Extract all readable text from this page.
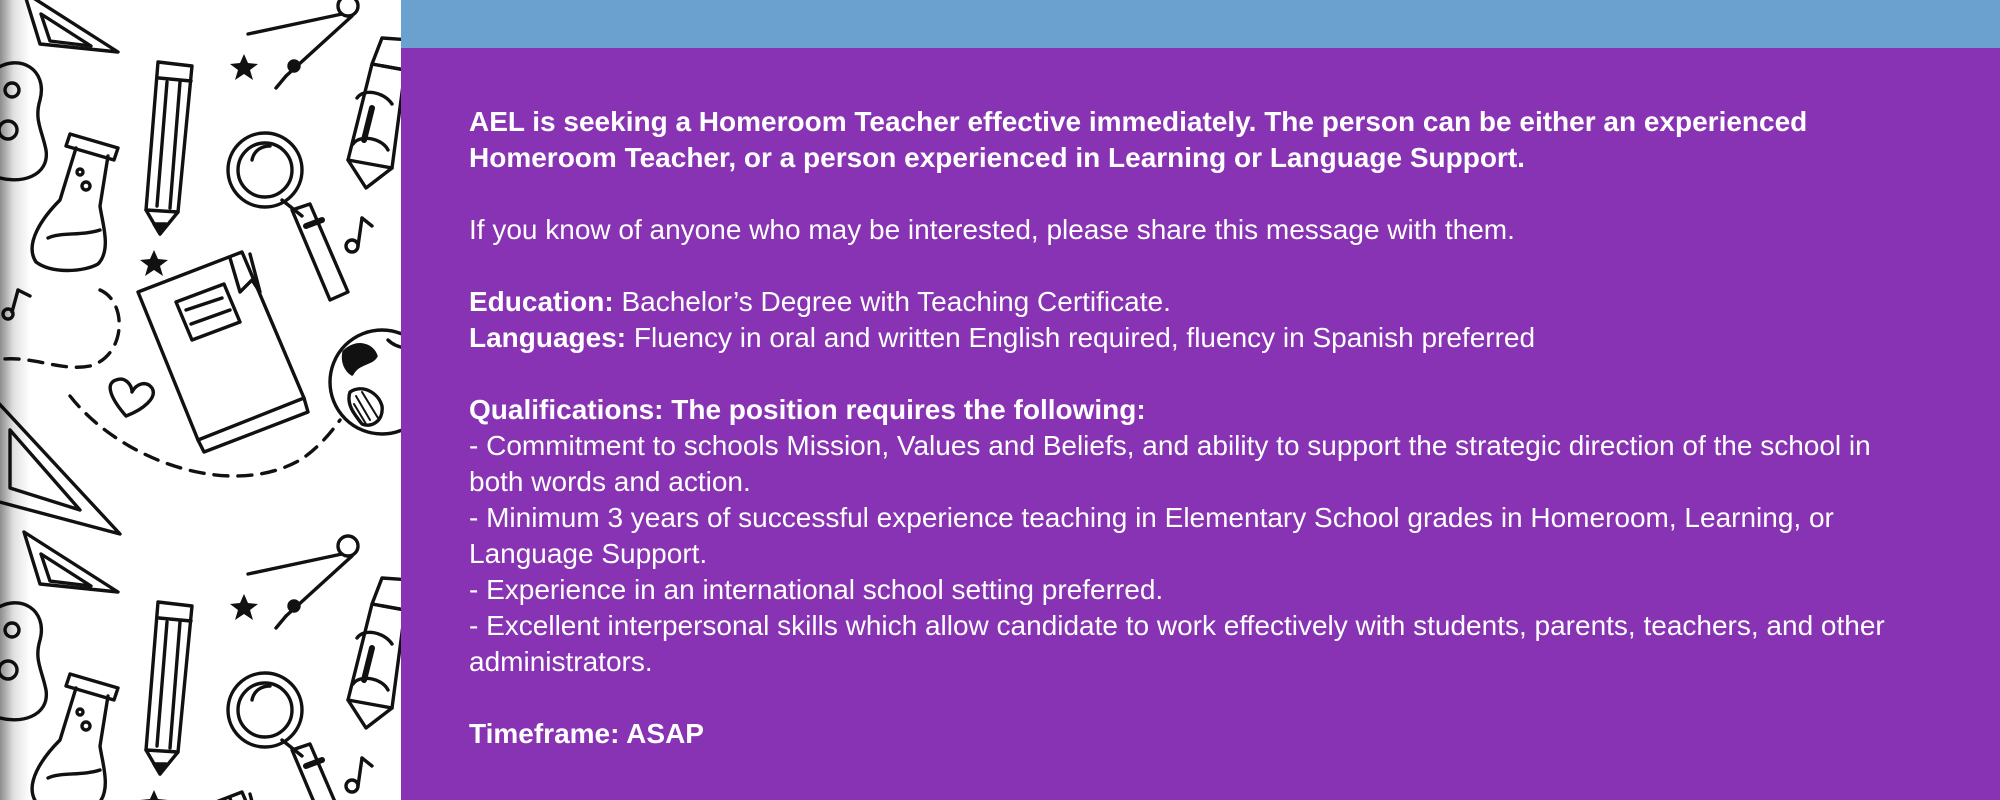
AEL is seeking a Homeroom Teacher effective immediately. The person can be either an experienced Homeroom Teacher, or a person experienced in Learning or Language Support.

If you know of anyone who may be interested, please share this message with them.

Education: Bachelor’s Degree with Teaching Certificate.
Languages: Fluency in oral and written English required, fluency in Spanish preferred

Qualifications: The position requires the following:
- Commitment to schools Mission, Values and Beliefs, and ability to support the strategic direction of the school in both words and action.
- Minimum 3 years of successful experience teaching in Elementary School grades in Homeroom, Learning, or Language Support.
- Experience in an international school setting preferred.
- Excellent interpersonal skills which allow candidate to work effectively with students, parents, teachers, and other administrators.

Timeframe: ASAP
